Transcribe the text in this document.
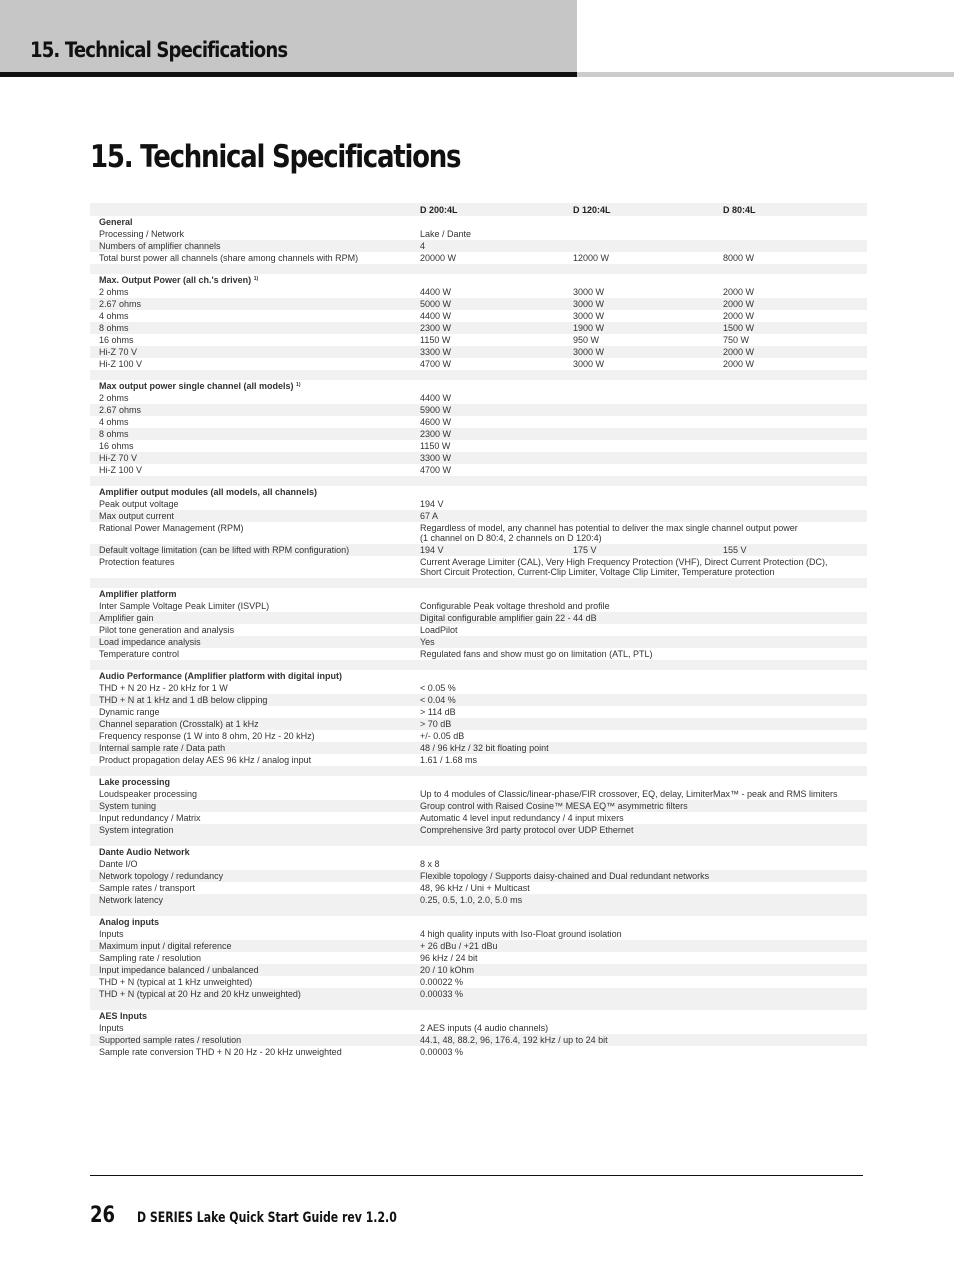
15. Technical Specifications
15. Technical Specifications
	D 200:4L	D 120:4L	D 80:4L
General			
Processing / Network	Lake / Dante		
Numbers of amplifier channels	4		
Total burst power all channels (share among channels with RPM)	20000 W	12000 W	8000 W

Max. Output Power (all ch.'s driven) $^{1)}$
2 ohms	4400 W	3000 W	2000 W
2.67 ohms	5000 W	3000 W	2000 W
4 ohms	4400 W	3000 W	2000 W
8 ohms	2300 W	1900 W	1500 W
16 ohms	1150 W	950 W	750 W
Hi-Z 70 V	3300 W	3000 W	2000 W
Hi-Z 100 V	4700 W	3000 W	2000 W

Max output power single channel (all models) $^{1)}$
2 ohms	4400 W		
2.67 ohms	5900 W		
4 ohms	4600 W		
8 ohms	2300 W		
16 ohms	1150 W		
Hi-Z 70 V	3300 W		
Hi-Z 100 V	4700 W		

Amplifier output modules (all models, all channels)			
Peak output voltage	194 V		
Max output current	67 A		
Rational Power Management (RPM)	Regardless of model, any channel has potential to deliver the max single channel output power
(1 channel on D 80:4, 2 channels on D 120:4)		

Default voltage limitation (can be lifted with RPM configuration)	194 V	175 V	155 V
Protection features	Current Average Limiter (CAL), Very High Frequency Protection (VHF), Direct Current Protection (DC),
Short Circuit Protection, Current-Clip Limiter, Voltage Clip Limiter, Temperature protection		

Amplifier platform			
Inter Sample Voltage Peak Limiter (ISVPL)	Configurable Peak voltage threshold and profile		
Amplifier gain	Digital configurable amplifier gain 22 - 44 dB		
Pilot tone generation and analysis	LoadPilot		
Load impedance analysis	Yes		
Temperature control	Regulated fans and show must go on limitation (ATL, PTL)		

Audio Performance (Amplifier platform with digital input)			
THD + N 20 Hz - 20 kHz for 1 W	< 0.05 %		
THD + N at 1 kHz and 1 dB below clipping	< 0.04 %		
Dynamic range	> 114 dB		
Channel separation (Crosstalk) at 1 kHz	> 70 dB		
Frequency response (1 W into 8 ohm, 20 Hz - 20 kHz)	+/- 0.05 dB		
Internal sample rate / Data path	48 / 96 kHz / 32 bit floating point		
Product propagation delay AES 96 kHz / analog input	1.61 / 1.68 ms		

Lake processing			
Loudspeaker processing	Up to 4 modules of Classic/linear-phase/FIR crossover, EQ, delay, LimiterMax™ - peak and RMS limiters		
System tuning	Group control with Raised Cosine™ MESA EQ™ asymmetric filters		
Input redundancy / Matrix	Automatic 4 level input redundancy / 4 input mixers		
System integration	Comprehensive 3rd party protocol over UDP Ethernet		

Dante Audio Network			
Dante I/O	8 x 8		
Network topology / redundancy	Flexible topology / Supports daisy-chained and Dual redundant networks		
Sample rates / transport	48, 96 kHz / Uni + Multicast		
Network latency	0.25, 0.5, 1.0, 2.0, 5.0 ms		

Analog inputs			
Inputs	4 high quality inputs with Iso-Float ground isolation		
Maximum input / digital reference	+ 26 dBu / +21 dBu		
Sampling rate / resolution	96 kHz / 24 bit		
Input impedance balanced / unbalanced	20 / 10 kOhm		
THD + N (typical at 1 kHz unweighted)	0.00022 %		
THD + N (typical at 20 Hz and 20 kHz unweighted)	0.00033 %		

AES Inputs			
Inputs	2 AES inputs (4 audio channels)		
Supported sample rates / resolution	44.1, 48, 88.2, 96, 176.4, 192 kHz / up to 24 bit		
Sample rate conversion THD + N 20 Hz - 20 kHz unweighted	0.00003 %		
26 D SERIES Lake Quick Start Guide rev 1.2.0
